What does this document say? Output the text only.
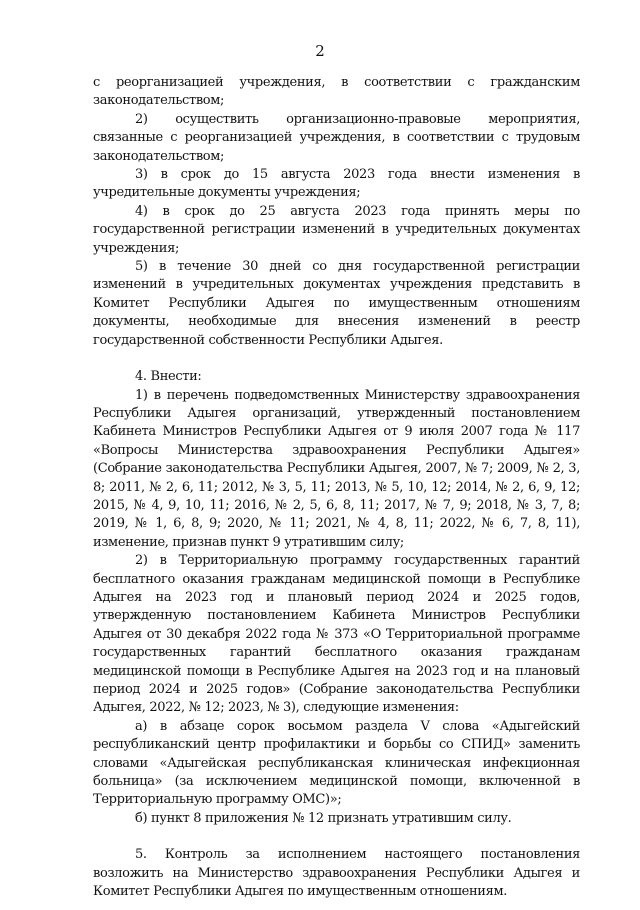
2

с реорганизацией учреждения, в соответствии с гражданским законодательством;

2) осуществить организационно-правовые мероприятия, связанные с реорганизацией учреждения, в соответствии с трудовым законодательством;

3) в срок до 15 августа 2023 года внести изменения в учредительные документы учреждения;

4) в срок до 25 августа 2023 года принять меры по государственной регистрации изменений в учредительных документах учреждения;

5) в течение 30 дней со дня государственной регистрации изменений в учредительных документах учреждения представить в Комитет Республики Адыгея по имущественным отношениям документы, необходимые для внесения изменений в реестр государственной собственности Республики Адыгея.

4. Внести:

1) в перечень подведомственных Министерству здравоохранения Республики Адыгея организаций, утвержденный постановлением Кабинета Министров Республики Адыгея от 9 июля 2007 года № 117 «Вопросы Министерства здравоохранения Республики Адыгея» (Собрание законодательства Республики Адыгея, 2007, № 7; 2009, № 2, 3, 8; 2011, № 2, 6, 11; 2012, № 3, 5, 11; 2013, № 5, 10, 12; 2014, № 2, 6, 9, 12; 2015, № 4, 9, 10, 11; 2016, № 2, 5, 6, 8, 11; 2017, № 7, 9; 2018, № 3, 7, 8; 2019, № 1, 6, 8, 9; 2020, № 11; 2021, № 4, 8, 11; 2022, № 6, 7, 8, 11), изменение, признав пункт 9 утратившим силу;

2) в Территориальную программу государственных гарантий бесплатного оказания гражданам медицинской помощи в Республике Адыгея на 2023 год и плановый период 2024 и 2025 годов, утвержденную постановлением Кабинета Министров Республики Адыгея от 30 декабря 2022 года № 373 «О Территориальной программе государственных гарантий бесплатного оказания гражданам медицинской помощи в Республике Адыгея на 2023 год и на плановый период 2024 и 2025 годов» (Собрание законодательства Республики Адыгея, 2022, № 12; 2023, № 3), следующие изменения:

а) в абзаце сорок восьмом раздела V слова «Адыгейский республиканский центр профилактики и борьбы со СПИД» заменить словами «Адыгейская республиканская клиническая инфекционная больница» (за исключением медицинской помощи, включенной в Территориальную программу ОМС)»;

б) пункт 8 приложения № 12 признать утратившим силу.

5. Контроль за исполнением настоящего постановления возложить на Министерство здравоохранения Республики Адыгея и Комитет Республики Адыгея по имущественным отношениям.
